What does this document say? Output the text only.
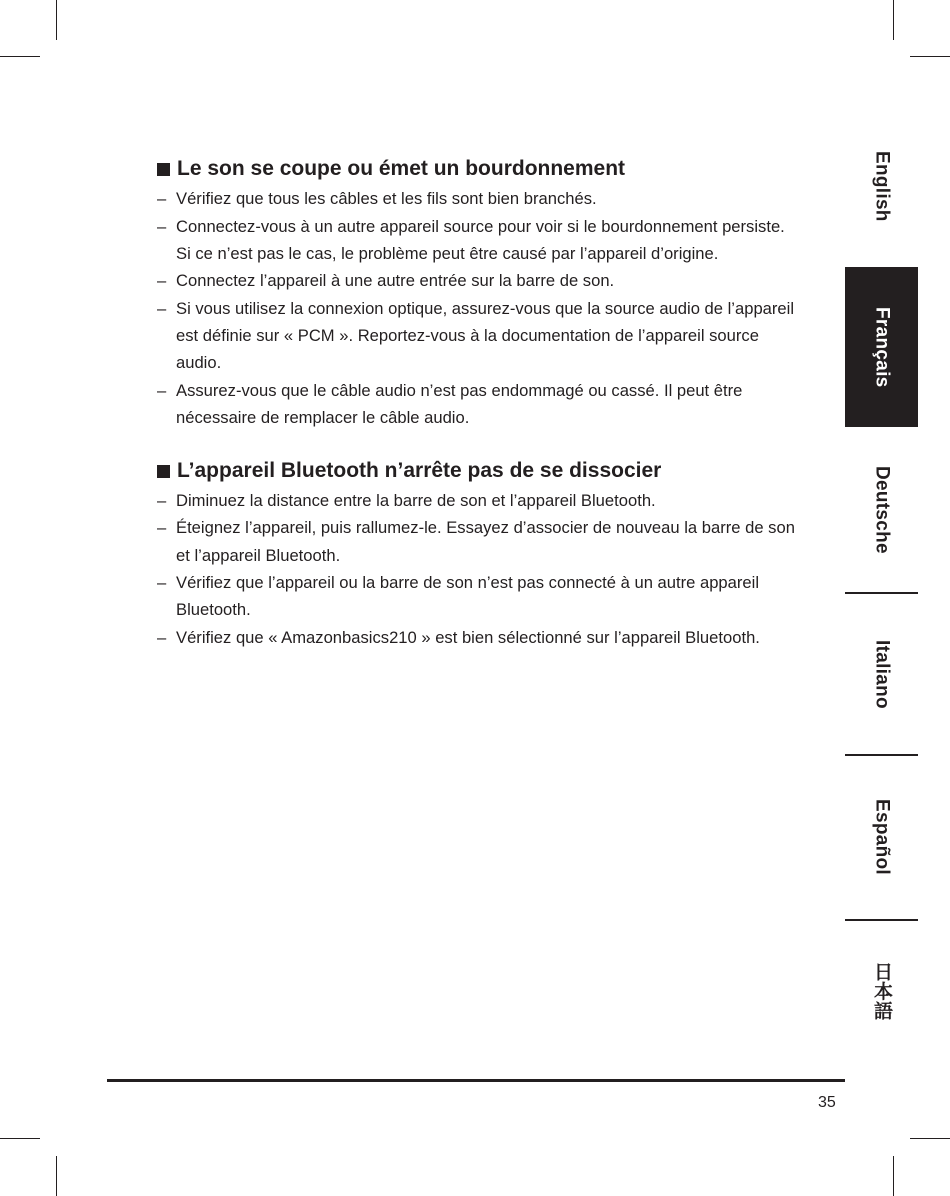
Le son se coupe ou émet un bourdonnement
– Vérifiez que tous les câbles et les fils sont bien branchés.
– Connectez-vous à un autre appareil source pour voir si le bourdonnement persiste. Si ce n’est pas le cas, le problème peut être causé par l’appareil d’origine.
– Connectez l’appareil à une autre entrée sur la barre de son.
– Si vous utilisez la connexion optique, assurez-vous que la source audio de l’appareil est définie sur « PCM ». Reportez-vous à la documentation de l’appareil source audio.
– Assurez-vous que le câble audio n’est pas endommagé ou cassé. Il peut être nécessaire de remplacer le câble audio.
L’appareil Bluetooth n’arrête pas de se dissocier
– Diminuez la distance entre la barre de son et l’appareil Bluetooth.
– Éteignez l’appareil, puis rallumez-le. Essayez d’associer de nouveau la barre de son et l’appareil Bluetooth.
– Vérifiez que l’appareil ou la barre de son n’est pas connecté à un autre appareil Bluetooth.
– Vérifiez que « Amazonbasics210 » est bien sélectionné sur l’appareil Bluetooth.
English
Français
Deutsche
Italiano
Español
日本語
35
